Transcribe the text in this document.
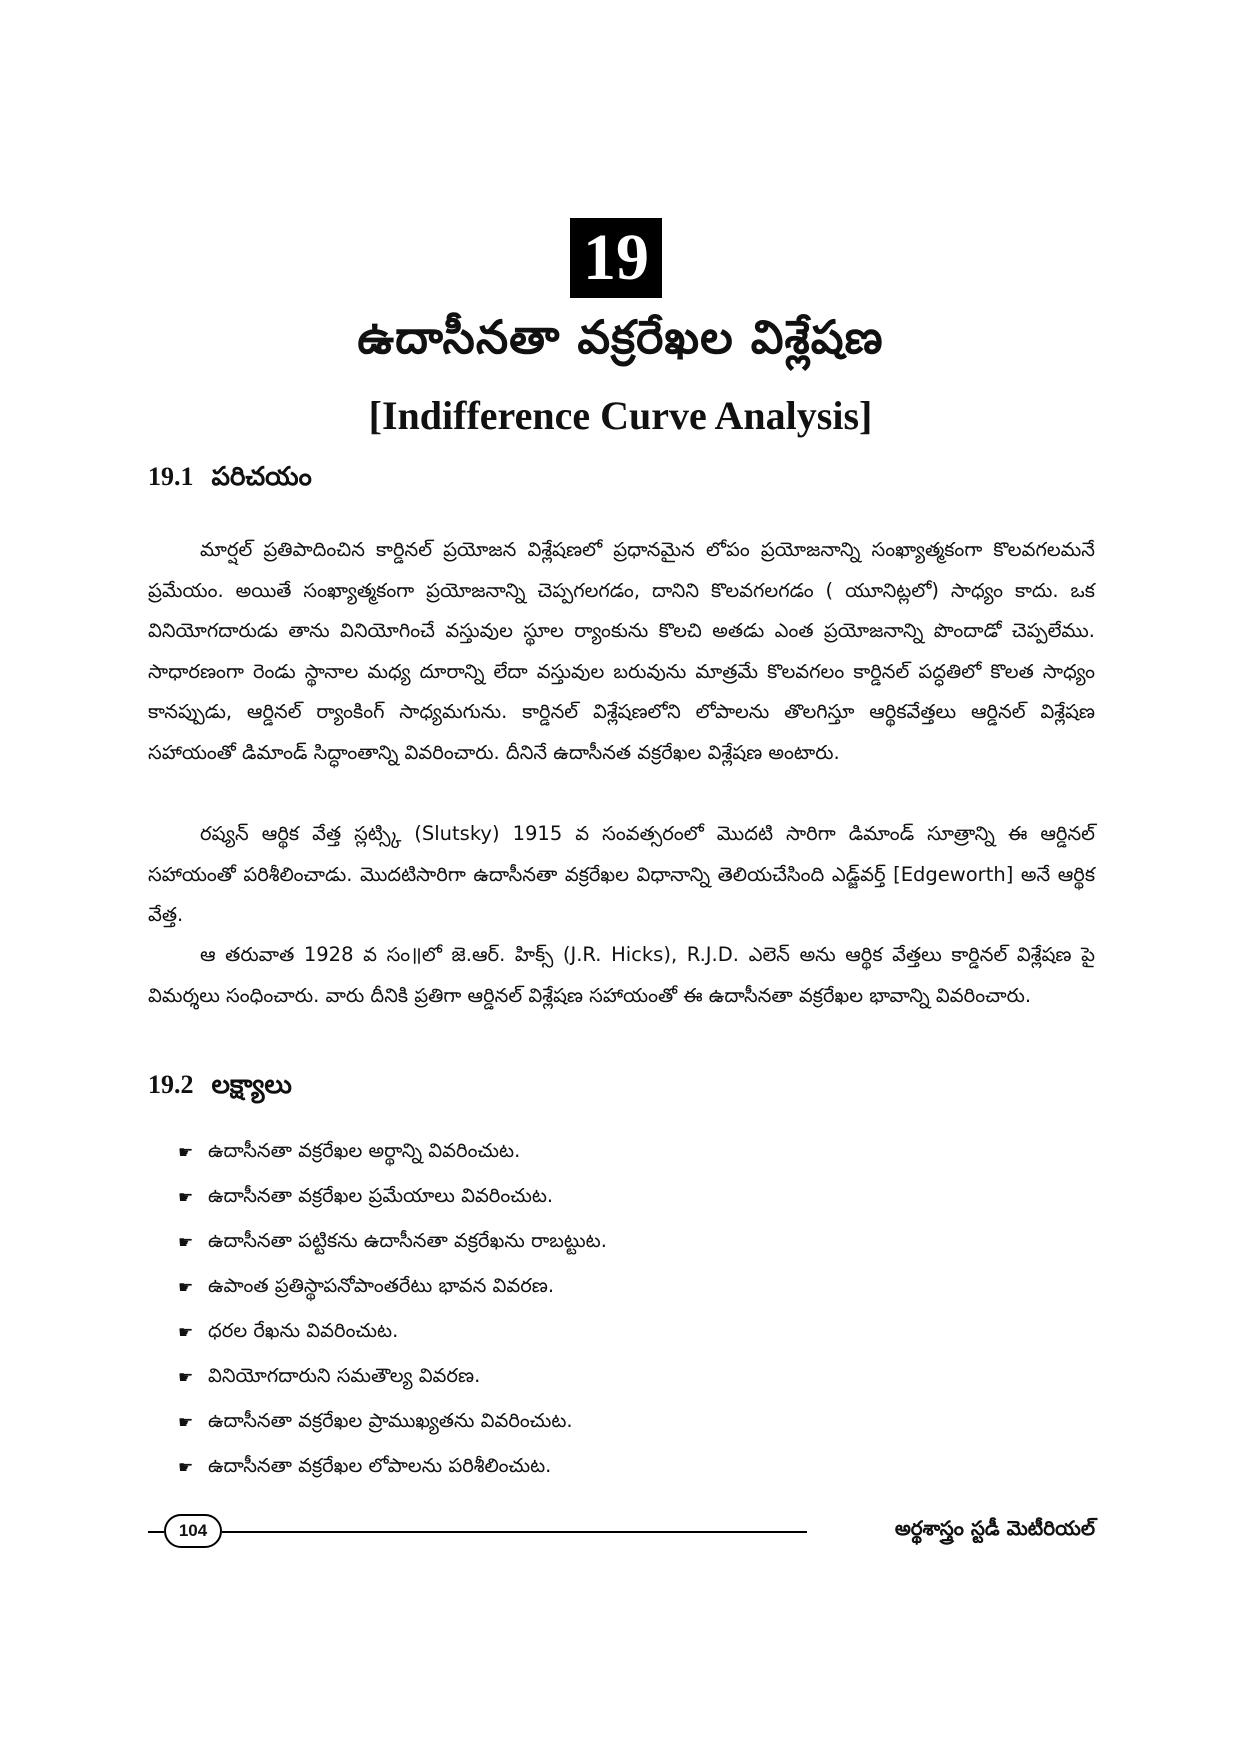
19
ఉదాసీనతా వక్రరేఖల విశ్లేషణ
[Indifference Curve Analysis]
19.1 పరిచయం
మార్షల్ ప్రతిపాదించిన కార్డినల్ ప్రయోజన విశ్లేషణలో ప్రధానమైన లోపం ప్రయోజనాన్ని సంఖ్యాత్మకంగా కొలవగలమనే ప్రమేయం. అయితే సంఖ్యాత్మకంగా ప్రయోజనాన్ని చెప్పగలగడం, దానిని కొలవగలగడం ( యూనిట్లలో) సాధ్యం కాదు. ఒక వినియోగదారుడు తాను వినియోగించే వస్తువుల స్థూల ర్యాంకును కొలచి అతడు ఎంత ప్రయోజనాన్ని పొందాడో చెప్పలేము. సాధారణంగా రెండు స్థానాల మధ్య దూరాన్ని లేదా వస్తువుల బరువును మాత్రమే కొలవగలం కార్డినల్ పద్ధతిలో కొలత సాధ్యం కానప్పుడు, ఆర్డినల్ ర్యాంకింగ్ సాధ్యమగును. కార్డినల్ విశ్లేషణలోని లోపాలను తొలగిస్తూ ఆర్థికవేత్తలు ఆర్డినల్ విశ్లేషణ సహాయంతో డిమాండ్ సిద్ధాంతాన్ని వివరించారు. దీనినే ఉదాసీనత వక్రరేఖల విశ్లేషణ అంటారు.
రష్యన్ ఆర్థిక వేత్త స్లట్స్కి (Slutsky) 1915 వ సంవత్సరంలో మొదటి సారిగా డిమాండ్ సూత్రాన్ని ఈ ఆర్డినల్ సహాయంతో పరిశీలించాడు. మొదటిసారిగా ఉదాసీనతా వక్రరేఖల విధానాన్ని తెలియచేసింది ఎడ్జ్‌వర్త్ [Edgeworth] అనే ఆర్థిక వేత్త.
ఆ తరువాత 1928 వ సం॥లో జె.ఆర్. హిక్స్ (J.R. Hicks), R.J.D. ఎలెన్ అను ఆర్థిక వేత్తలు కార్డినల్ విశ్లేషణ పై విమర్శలు సంధించారు. వారు దీనికి ప్రతిగా ఆర్డినల్ విశ్లేషణ సహాయంతో ఈ ఉదాసీనతా వక్రరేఖల భావాన్ని వివరించారు.
19.2 లక్ష్యాలు
☛ ఉదాసీనతా వక్రరేఖల అర్థాన్ని వివరించుట.
☛ ఉదాసీనతా వక్రరేఖల ప్రమేయాలు వివరించుట.
☛ ఉదాసీనతా పట్టికను ఉదాసీనతా వక్రరేఖను రాబట్టుట.
☛ ఉపాంత ప్రతిస్థాపనోపాంతరేటు భావన వివరణ.
☛ ధరల రేఖను వివరించుట.
☛ వినియోగదారుని సమతౌల్య వివరణ.
☛ ఉదాసీనతా వక్రరేఖల ప్రాముఖ్యతను వివరించుట.
☛ ఉదాసీనతా వక్రరేఖల లోపాలను పరిశీలించుట.
104	అర్థశాస్త్రం స్టడీ మెటీరియల్
